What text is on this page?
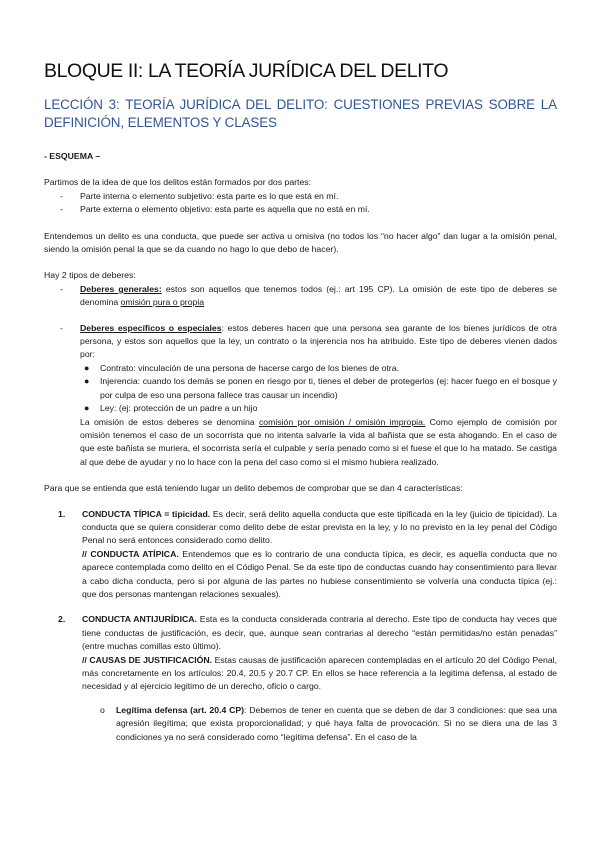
BLOQUE II: LA TEORÍA JURÍDICA DEL DELITO
LECCIÓN 3: TEORÍA JURÍDICA DEL DELITO: CUESTIONES PREVIAS SOBRE LA DEFINICIÓN, ELEMENTOS Y CLASES

- ESQUEMA –

Partimos de la idea de que los delitos están formados por dos partes:

- Parte interna o elemento subjetivo: esta parte es lo que está en mí.
- Parte externa o elemento objetivo: esta parte es aquella que no está en mí.

Entendemos un delito es una conducta, que puede ser activa u omisiva (no todos los “no hacer algo” dan lugar a la omisión penal, siendo la omisión penal la que se da cuando no hago lo que debo de hacer).

Hay 2 tipos de deberes:

- Deberes generales: estos son aquellos que tenemos todos (ej.: art 195 CP). La omisión de este tipo de deberes se denomina omisión pura o propia

- Deberes específicos o especiales: estos deberes hacen que una persona sea garante de los bienes jurídicos de otra persona, y estos son aquellos que la ley, un contrato o la injerencia nos ha atribuido. Este tipo de deberes vienen dados por:

● Contrato: vinculación de una persona de hacerse cargo de los bienes de otra.
● Injerencia: cuando los demás se ponen en riesgo por ti, tienes el deber de protegerlos (ej: hacer fuego en el bosque y por culpa de eso una persona fallece tras causar un incendio)

● Ley: (ej: protección de un padre a un hijo

La omisión de estos deberes se denomina comisión por omisión / omisión impropia. Como ejemplo de comisión por omisión tenemos el caso de un socorrista que no intenta salvarle la vida al bañista que se esta ahogando. En el caso de que este bañista se muriera, el socorrista sería el culpable y sería penado como si el fuese el que lo ha matado. Se castiga al que debe de ayudar y no lo hace con la pena del caso como si el mismo hubiera realizado.

Para que se entienda que está teniendo lugar un delito debemos de comprobar que se dan 4 características:

1. CONDUCTA TÍPICA = tipicidad. Es decir, será delito aquella conducta que este tipificada en la ley (juicio de tipicidad). La conducta que se quiera considerar como delito debe de estar prevista en la ley, y lo no previsto en la ley penal del Código Penal no será entonces considerado como delito.

// CONDUCTA ATÍPICA. Entendemos que es lo contrario de una conducta típica, es decir, es aquella conducta que no aparece contemplada como delito en el Código Penal. Se da este tipo de conductas cuando hay consentimiento para llevar a cabo dicha conducta, pero si por alguna de las partes no hubiese consentimiento se volvería una conducta típica (ej.: que dos personas mantengan relaciones sexuales).

2. CONDUCTA ANTIJURÍDICA. Esta es la conducta considerada contraria al derecho. Este tipo de conducta hay veces que tiene conductas de justificación, es decir, que, aunque sean contrarias al derecho “están permitidas/no están penadas” (entre muchas comillas esto último).

// CAUSAS DE JUSTIFICACIÓN. Estas causas de justificación aparecen contempladas en el artículo 20 del Código Penal, más concretamente en los artículos: 20.4, 20.5 y 20.7 CP. En ellos se hace referencia a la legitima defensa, al estado de necesidad y al ejercicio legitimo de un derecho, oficio o cargo.

o Legítima defensa (art. 20.4 CP): Debemos de tener en cuenta que se deben de dar 3 condiciones: que sea una agresión ilegítima; que exista proporcionalidad; y qué haya falta de provocación. Si no se diera una de las 3 condiciones ya no será considerado como “legítima defensa”. En el caso de la
